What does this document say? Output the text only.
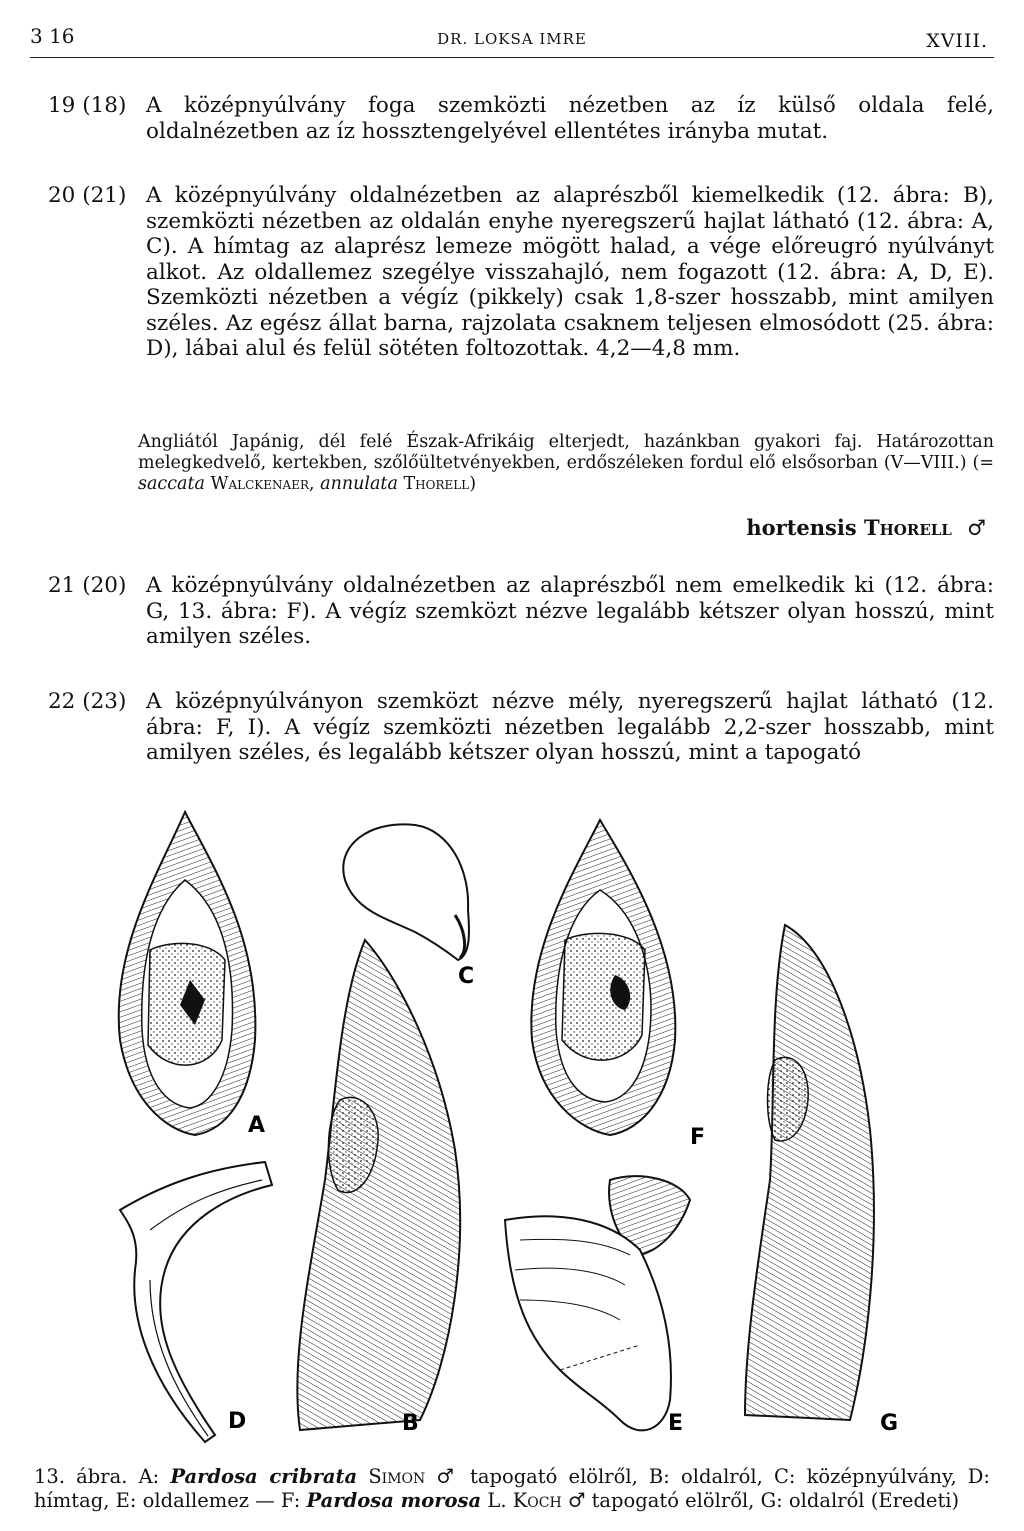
3 16	DR. LOKSA IMRE	XVIII.
19 (18) A középnyúlvány foga szemközti nézetben az íz külső oldala felé, oldalnézetben az íz hossztengelyével ellentétes irányba mutat.
20 (21) A középnyúlvány oldalnézetben az alaprészből kiemelkedik (12. ábra: B), szemközti nézetben az oldalán enyhe nyeregszerű hajlat látható (12. ábra: A, C). A hímtag az alaprész lemeze mögött halad, a vége előreugró nyúlványt alkot. Az oldallemez szegélye visszahajló, nem fogazott (12. ábra: A, D, E). Szemközti nézetben a végíz (pikkely) csak 1,8-szer hosszabb, mint amilyen széles. Az egész állat barna, rajzolata csaknem teljesen elmosódott (25. ábra: D), lábai alul és felül sötéten foltozottak. 4,2—4,8 mm.
Angliától Japánig, dél felé Észak-Afrikáig elterjedt, hazánkban gyakori faj. Határozottan melegkedvelő, kertekben, szőlőültetvényekben, erdőszéleken fordul elő elsősorban (V—VIII.) (= saccata Walckenaer, annulata Thorell)
hortensis Thorell ♂
21 (20) A középnyúlvány oldalnézetben az alaprészből nem emelkedik ki (12. ábra: G, 13. ábra: F). A végíz szemközt nézve legalább kétszer olyan hosszú, mint amilyen széles.
22 (23) A középnyúlványon szemközt nézve mély, nyeregszerű hajlat látható (12. ábra: F, I). A végíz szemközti nézetben legalább 2,2-szer hosszabb, mint amilyen széles, és legalább kétszer olyan hosszú, mint a tapogató
A
B
C
D	E
F
G
13. ábra. A: Pardosa cribrata Simon ♂ tapogató elölről, B: oldalról, C: középnyúlvány, D: hímtag, E: oldallemez — F: Pardosa morosa L. Koch ♂ tapogató elölről, G: oldalról (Eredeti)
